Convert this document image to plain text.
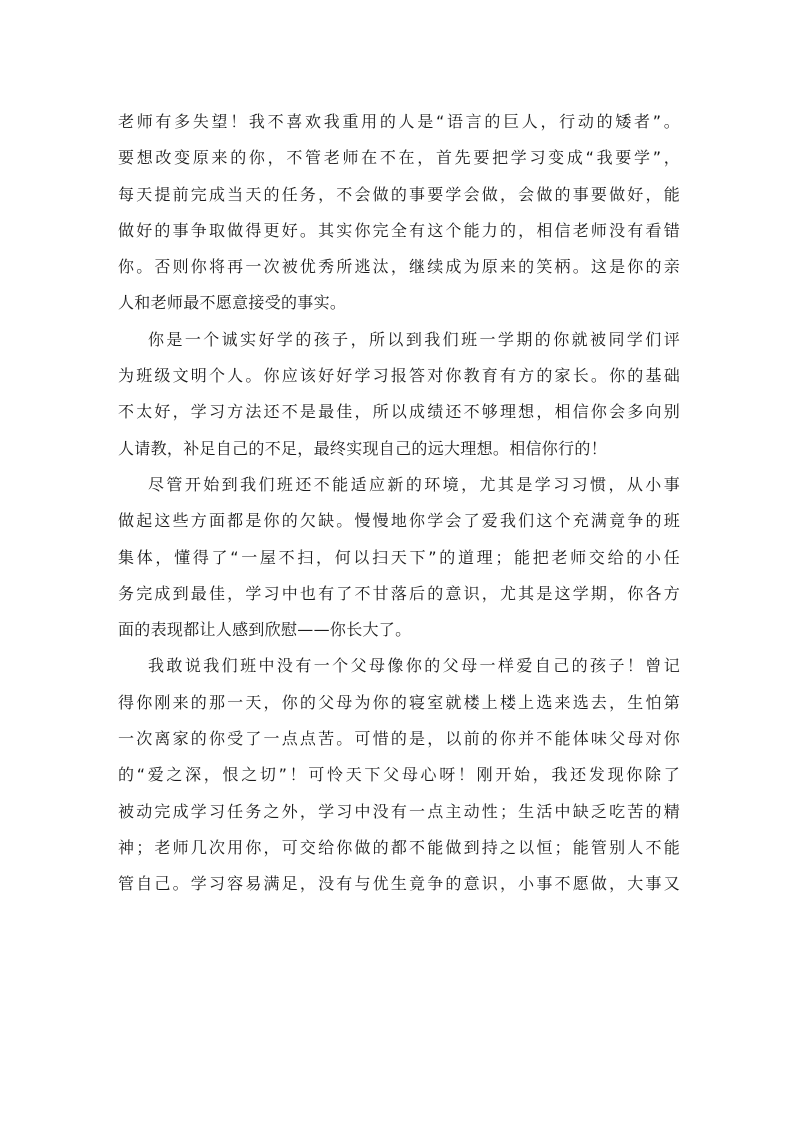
老师有多失望！我不喜欢我重用的人是“语言的巨人，行动的矮者”。
要想改变原来的你，不管老师在不在，首先要把学习变成“我要学”，
每天提前完成当天的任务，不会做的事要学会做，会做的事要做好，能
做好的事争取做得更好。其实你完全有这个能力的，相信老师没有看错
你。否则你将再一次被优秀所逃汰，继续成为原来的笑柄。这是你的亲
人和老师最不愿意接受的事实。
你是一个诚实好学的孩子，所以到我们班一学期的你就被同学们评
为班级文明个人。你应该好好学习报答对你教育有方的家长。你的基础
不太好，学习方法还不是最佳，所以成绩还不够理想，相信你会多向别
人请教，补足自己的不足，最终实现自己的远大理想。相信你行的！
尽管开始到我们班还不能适应新的环境，尤其是学习习惯，从小事
做起这些方面都是你的欠缺。慢慢地你学会了爱我们这个充满竟争的班
集体，懂得了“一屋不扫，何以扫天下”的道理；能把老师交给的小任
务完成到最佳，学习中也有了不甘落后的意识，尤其是这学期，你各方
面的表现都让人感到欣慰——你长大了。
我敢说我们班中没有一个父母像你的父母一样爱自己的孩子！曾记
得你刚来的那一天，你的父母为你的寝室就楼上楼上选来选去，生怕第
一次离家的你受了一点点苦。可惜的是，以前的你并不能体味父母对你
的“爱之深，恨之切”！可怜天下父母心呀！刚开始，我还发现你除了
被动完成学习任务之外，学习中没有一点主动性；生活中缺乏吃苦的精
神；老师几次用你，可交给你做的都不能做到持之以恒；能管别人不能
管自己。学习容易满足，没有与优生竟争的意识，小事不愿做，大事又
